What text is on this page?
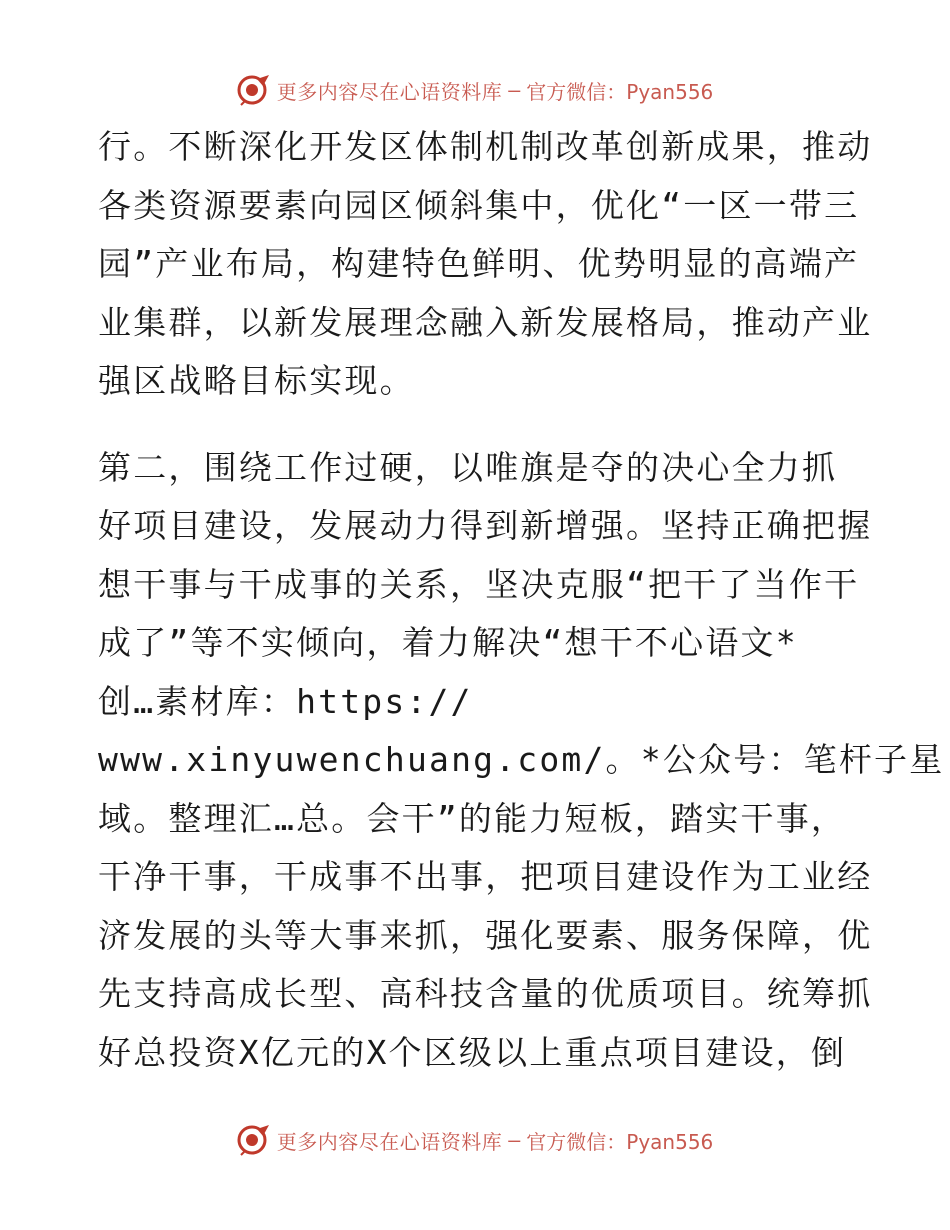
更多内容尽在心语资料库 — 官方微信：Pyan556
行。不断深化开发区体制机制改革创新成果，推动
各类资源要素向园区倾斜集中，优化“一区一带三
园”产业布局，构建特色鲜明、优势明显的高端产
业集群，以新发展理念融入新发展格局，推动产业
强区战略目标实现。
第二，围绕工作过硬，以唯旗是夺的决心全力抓
好项目建设，发展动力得到新增强。坚持正确把握
想干事与干成事的关系，坚决克服“把干了当作干
成了”等不实倾向，着力解决“想干不心语文*
创…素材库：https://
www.xinyuwenchuang.com/。*公众号：笔杆子星
域。整理汇…总。会干”的能力短板，踏实干事，
干净干事，干成事不出事，把项目建设作为工业经
济发展的头等大事来抓，强化要素、服务保障，优
先支持高成长型、高科技含量的优质项目。统筹抓
好总投资X亿元的X个区级以上重点项目建设，倒
更多内容尽在心语资料库 — 官方微信：Pyan556
